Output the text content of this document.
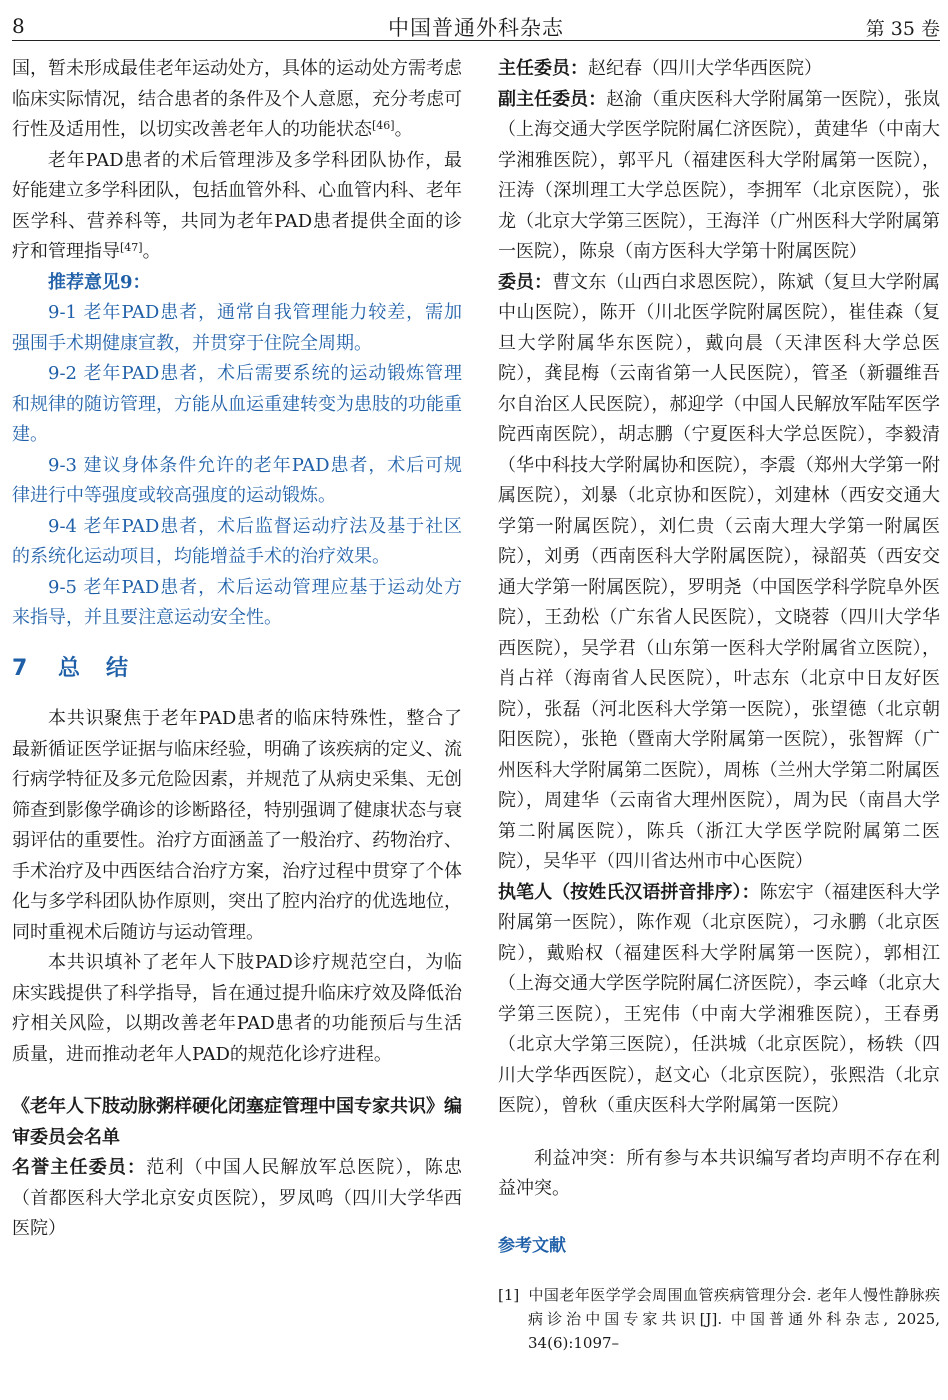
8	中国普通外科杂志	第 35 卷

国，暂未形成最佳老年运动处方，具体的运动处方需考虑临床实际情况，结合患者的条件及个人意愿，充分考虑可行性及适用性，以切实改善老年人的功能状态[46]。

老年PAD患者的术后管理涉及多学科团队协作，最好能建立多学科团队，包括血管外科、心血管内科、老年医学科、营养科等，共同为老年PAD患者提供全面的诊疗和管理指导[47]。

推荐意见9：

9-1 老年PAD患者，通常自我管理能力较差，需加强围手术期健康宣教，并贯穿于住院全周期。

9-2 老年PAD患者，术后需要系统的运动锻炼管理和规律的随访管理，方能从血运重建转变为患肢的功能重建。

9-3 建议身体条件允许的老年PAD患者，术后可规律进行中等强度或较高强度的运动锻炼。

9-4 老年PAD患者，术后监督运动疗法及基于社区的系统化运动项目，均能增益手术的治疗效果。

9-5 老年PAD患者，术后运动管理应基于运动处方来指导，并且要注意运动安全性。

7 总　结

本共识聚焦于老年PAD患者的临床特殊性，整合了最新循证医学证据与临床经验，明确了该疾病的定义、流行病学特征及多元危险因素，并规范了从病史采集、无创筛查到影像学确诊的诊断路径，特别强调了健康状态与衰弱评估的重要性。治疗方面涵盖了一般治疗、药物治疗、手术治疗及中西医结合治疗方案，治疗过程中贯穿了个体化与多学科团队协作原则，突出了腔内治疗的优选地位，同时重视术后随访与运动管理。

本共识填补了老年人下肢PAD诊疗规范空白，为临床实践提供了科学指导，旨在通过提升临床疗效及降低治疗相关风险，以期改善老年PAD患者的功能预后与生活质量，进而推动老年人PAD的规范化诊疗进程。

《老年人下肢动脉粥样硬化闭塞症管理中国专家共识》编审委员会名单

名誉主任委员：范利（中国人民解放军总医院），陈忠（首都医科大学北京安贞医院），罗凤鸣（四川大学华西医院）

主任委员：赵纪春（四川大学华西医院）

副主任委员：赵渝（重庆医科大学附属第一医院），张岚（上海交通大学医学院附属仁济医院），黄建华（中南大学湘雅医院），郭平凡（福建医科大学附属第一医院），汪涛（深圳理工大学总医院），李拥军（北京医院），张龙（北京大学第三医院），王海洋（广州医科大学附属第一医院），陈泉（南方医科大学第十附属医院）

委员：曹文东（山西白求恩医院），陈斌（复旦大学附属中山医院），陈开（川北医学院附属医院），崔佳森（复旦大学附属华东医院），戴向晨（天津医科大学总医院），龚昆梅（云南省第一人民医院），管圣（新疆维吾尔自治区人民医院），郝迎学（中国人民解放军陆军医学院西南医院），胡志鹏（宁夏医科大学总医院），李毅清（华中科技大学附属协和医院），李震（郑州大学第一附属医院），刘暴（北京协和医院），刘建林（西安交通大学第一附属医院），刘仁贵（云南大理大学第一附属医院），刘勇（西南医科大学附属医院），禄韶英（西安交通大学第一附属医院），罗明尧（中国医学科学院阜外医院），王劲松（广东省人民医院），文晓蓉（四川大学华西医院），吴学君（山东第一医科大学附属省立医院），肖占祥（海南省人民医院），叶志东（北京中日友好医院），张磊（河北医科大学第一医院），张望德（北京朝阳医院），张艳（暨南大学附属第一医院），张智辉（广州医科大学附属第二医院），周栋（兰州大学第二附属医院），周建华（云南省大理州医院），周为民（南昌大学第二附属医院），陈兵（浙江大学医学院附属第二医院），吴华平（四川省达州市中心医院）

执笔人（按姓氏汉语拼音排序）：陈宏宇（福建医科大学附属第一医院），陈作观（北京医院），刁永鹏（北京医院），戴贻权（福建医科大学附属第一医院），郭相江（上海交通大学医学院附属仁济医院），李云峰（北京大学第三医院），王宪伟（中南大学湘雅医院），王春勇（北京大学第三医院），任洪城（北京医院），杨轶（四川大学华西医院），赵文心（北京医院），张熙浩（北京医院），曾秋（重庆医科大学附属第一医院）

利益冲突：所有参与本共识编写者均声明不存在利益冲突。

参考文献

[1] 中国老年医学学会周围血管疾病管理分会. 老年人慢性静脉疾病诊治中国专家共识[J]. 中国普通外科杂志, 2025, 34(6):1097–
